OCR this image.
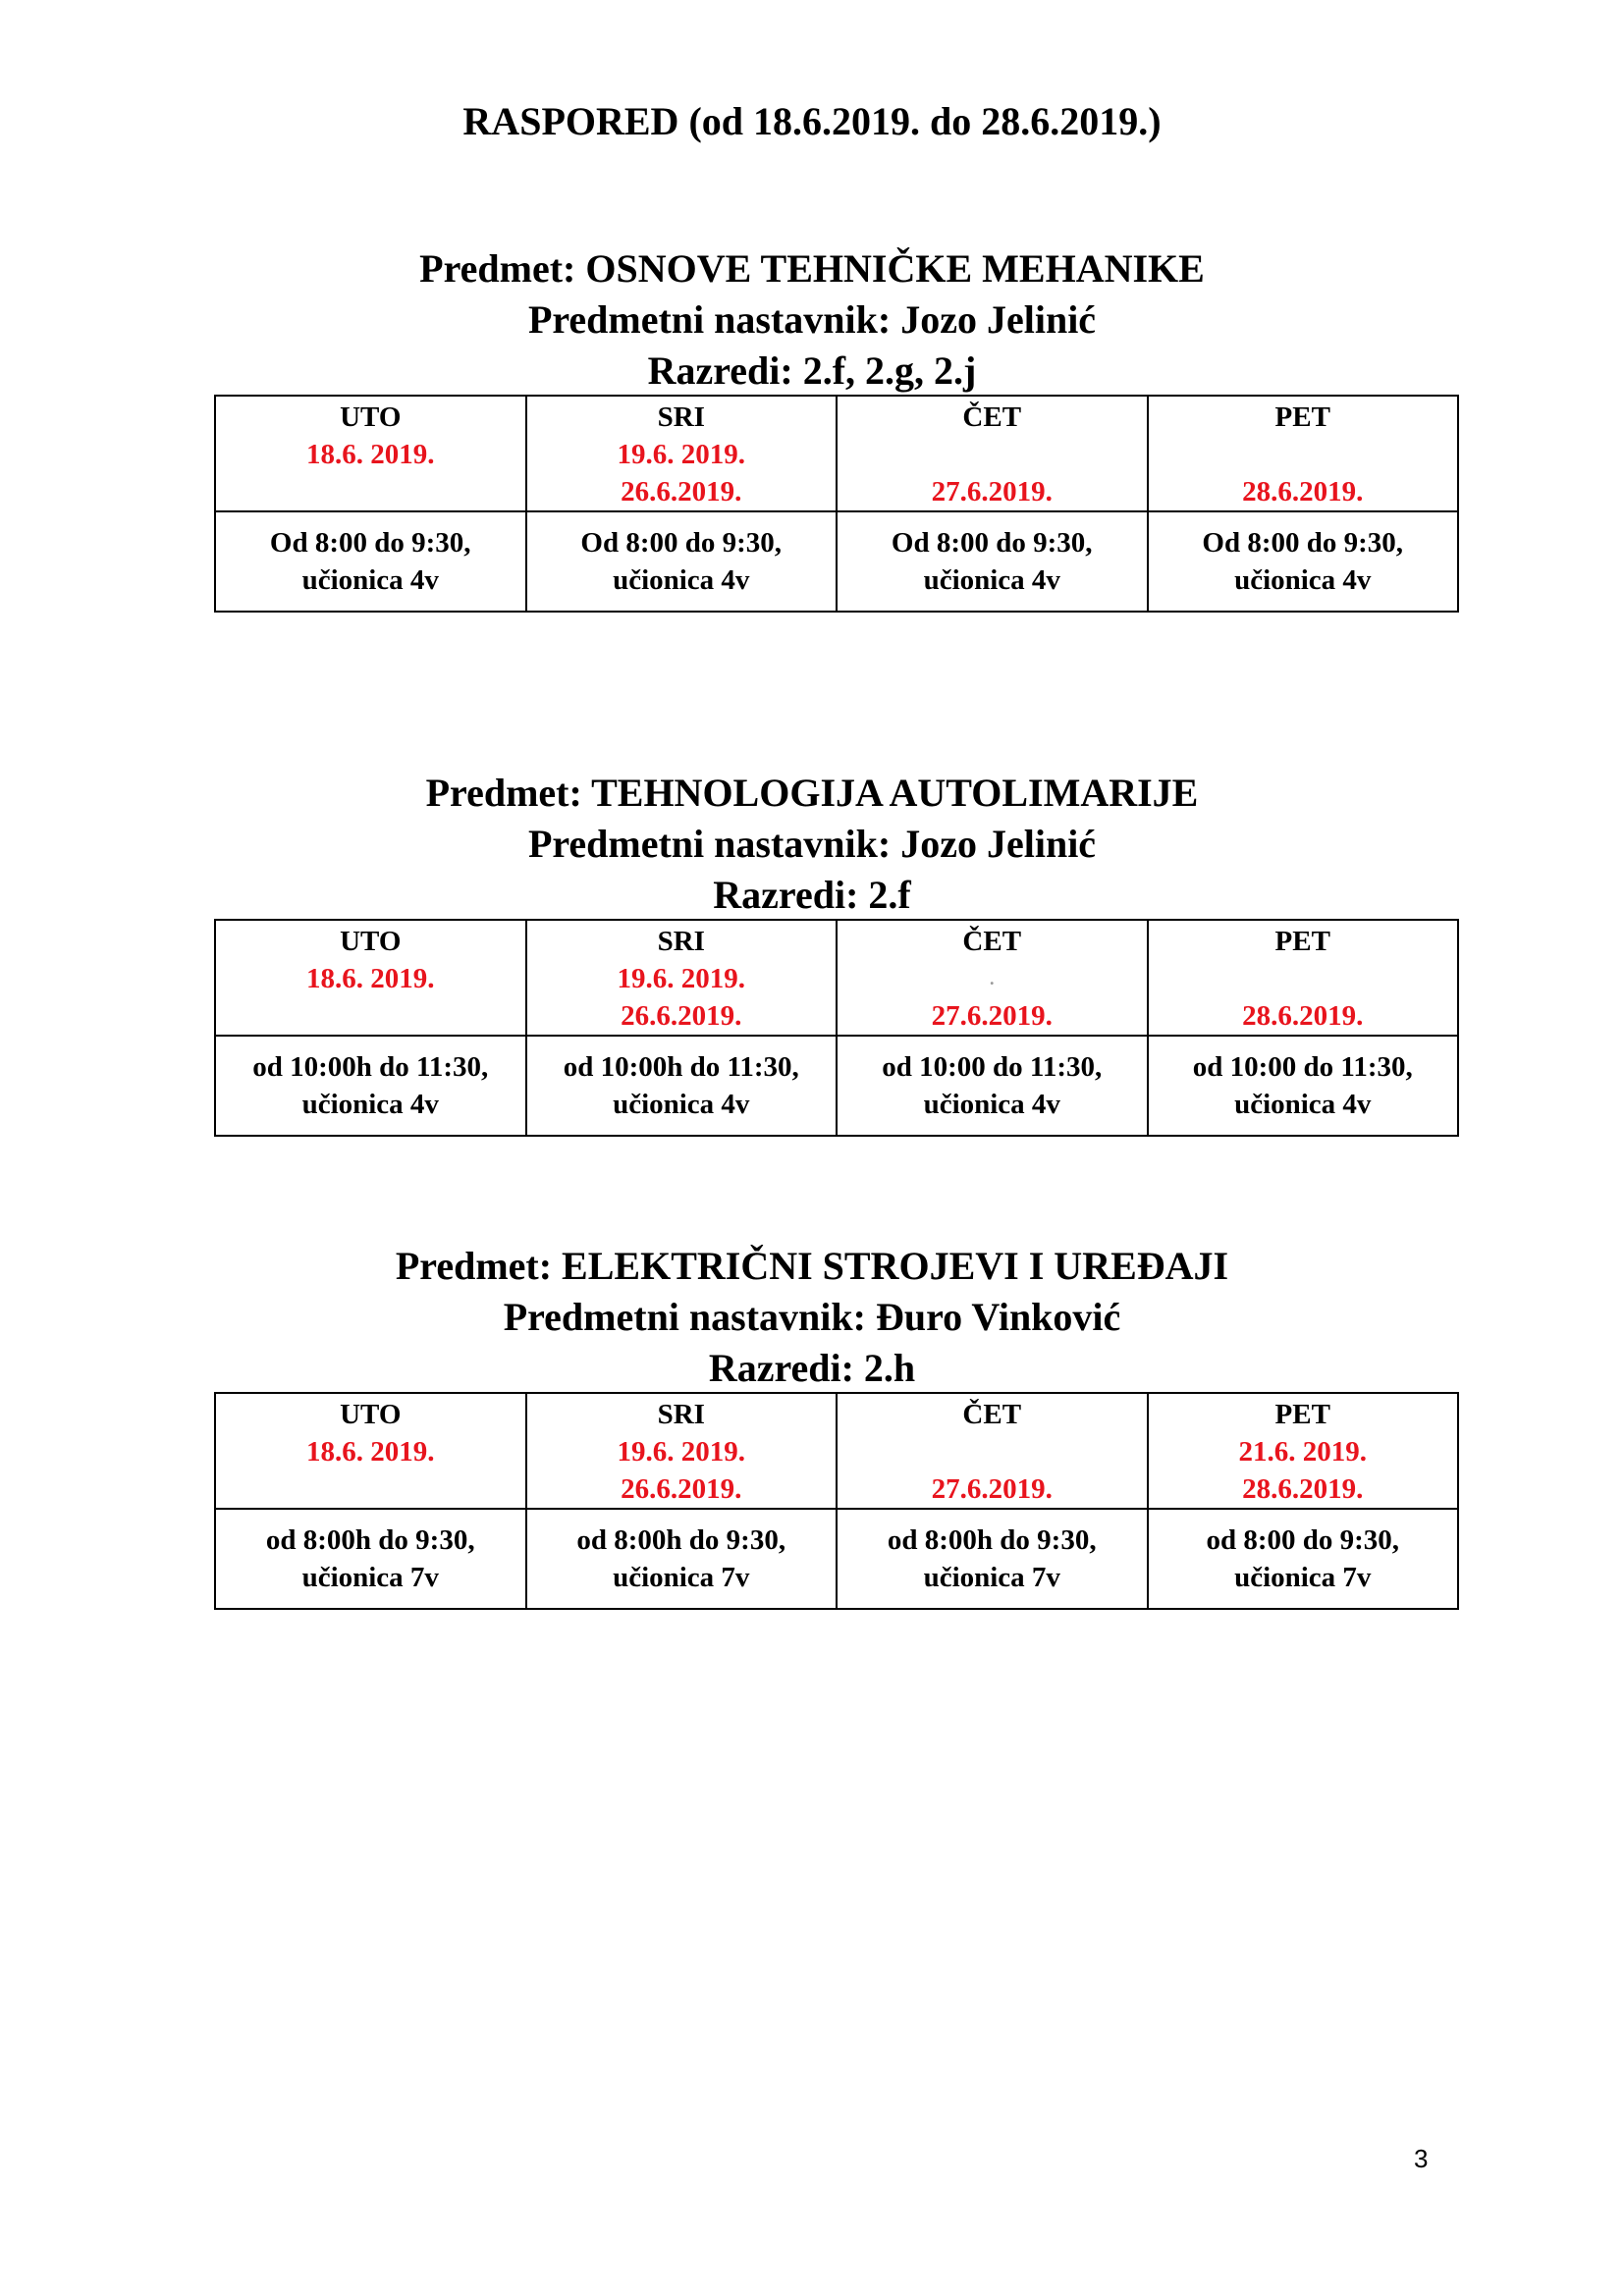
RASPORED (od 18.6.2019. do 28.6.2019.)

Predmet: OSNOVE TEHNIČKE MEHANIKE

Predmetni nastavnik: Jozo Jelinić

Razredi: 2.f, 2.g, 2.j

UTO
18.6. 2019.	SRI
19.6. 2019.
26.6.2019.	ČET
27.6.2019.	PET
28.6.2019.

Od 8:00 do 9:30,
učionica 4v	Od 8:00 do 9:30,
učionica 4v	Od 8:00 do 9:30,
učionica 4v	Od 8:00 do 9:30,
učionica 4v

Predmet: TEHNOLOGIJA AUTOLIMARIJE

Predmetni nastavnik: Jozo Jelinić

Razredi: 2.f

UTO
18.6. 2019.	SRI
19.6. 2019.
26.6.2019.	ČET
.
27.6.2019.	PET
28.6.2019.

od 10:00h do 11:30,
učionica 4v	od 10:00h do 11:30,
učionica 4v	od 10:00 do 11:30,
učionica 4v	od 10:00 do 11:30,
učionica 4v

Predmet: ELEKTRIČNI STROJEVI I UREĐAJI

Predmetni nastavnik: Đuro Vinković

Razredi: 2.h

UTO
18.6. 2019.	SRI
19.6. 2019.
26.6.2019.	ČET
27.6.2019.	PET
21.6. 2019.
28.6.2019.

od 8:00h do 9:30,
učionica 7v	od 8:00h do 9:30,
učionica 7v	od 8:00h do 9:30,
učionica 7v	od 8:00 do 9:30,
učionica 7v
3
